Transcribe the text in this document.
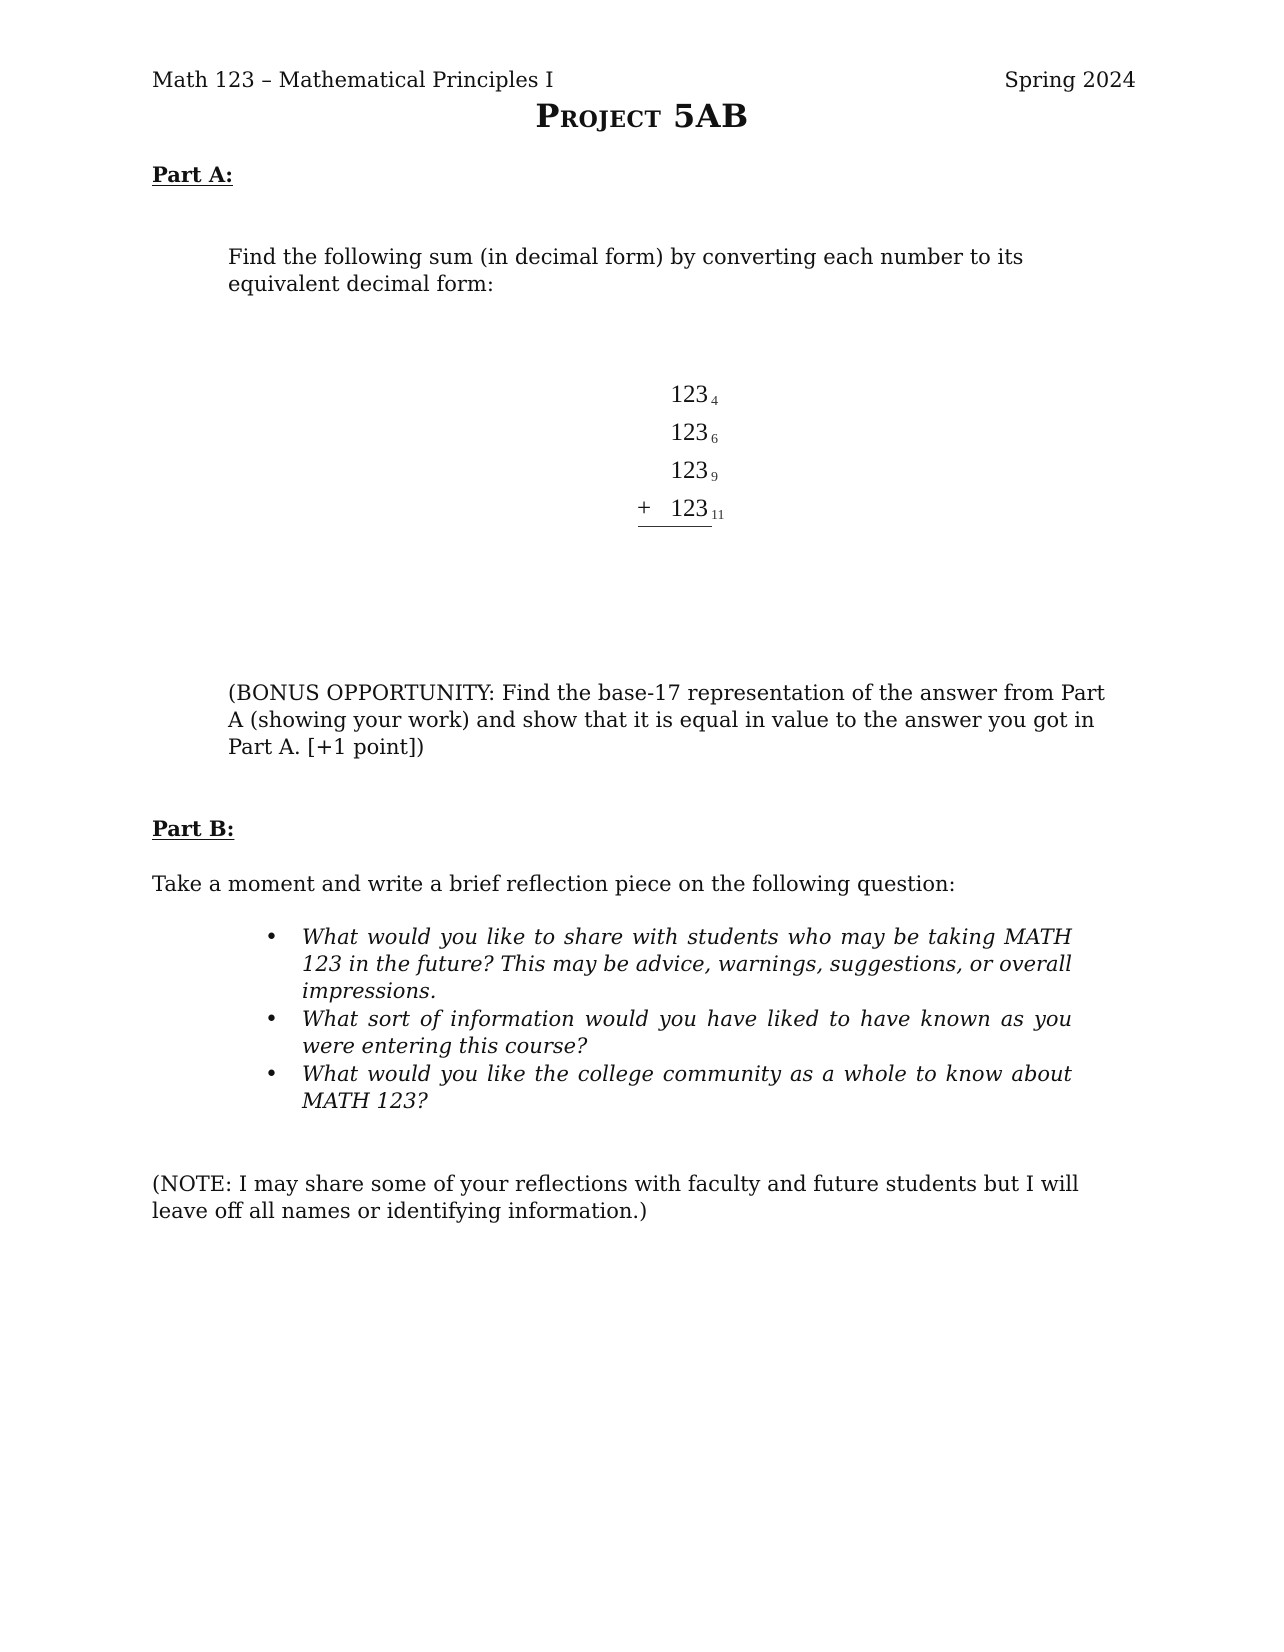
Math 123 – Mathematical Principles I	Spring 2024
Project 5AB
Part A:
Find the following sum (in decimal form) by converting each number to its equivalent decimal form:
123 4
123 6
123 9
+ 123 11
(BONUS OPPORTUNITY: Find the base-17 representation of the answer from Part A (showing your work) and show that it is equal in value to the answer you got in Part A. [+1 point])
Part B:
Take a moment and write a brief reflection piece on the following question:
• What would you like to share with students who may be taking MATH 123 in the future? This may be advice, warnings, suggestions, or overall impressions.
• What sort of information would you have liked to have known as you were entering this course?
• What would you like the college community as a whole to know about MATH 123?
(NOTE: I may share some of your reflections with faculty and future students but I will leave off all names or identifying information.)
